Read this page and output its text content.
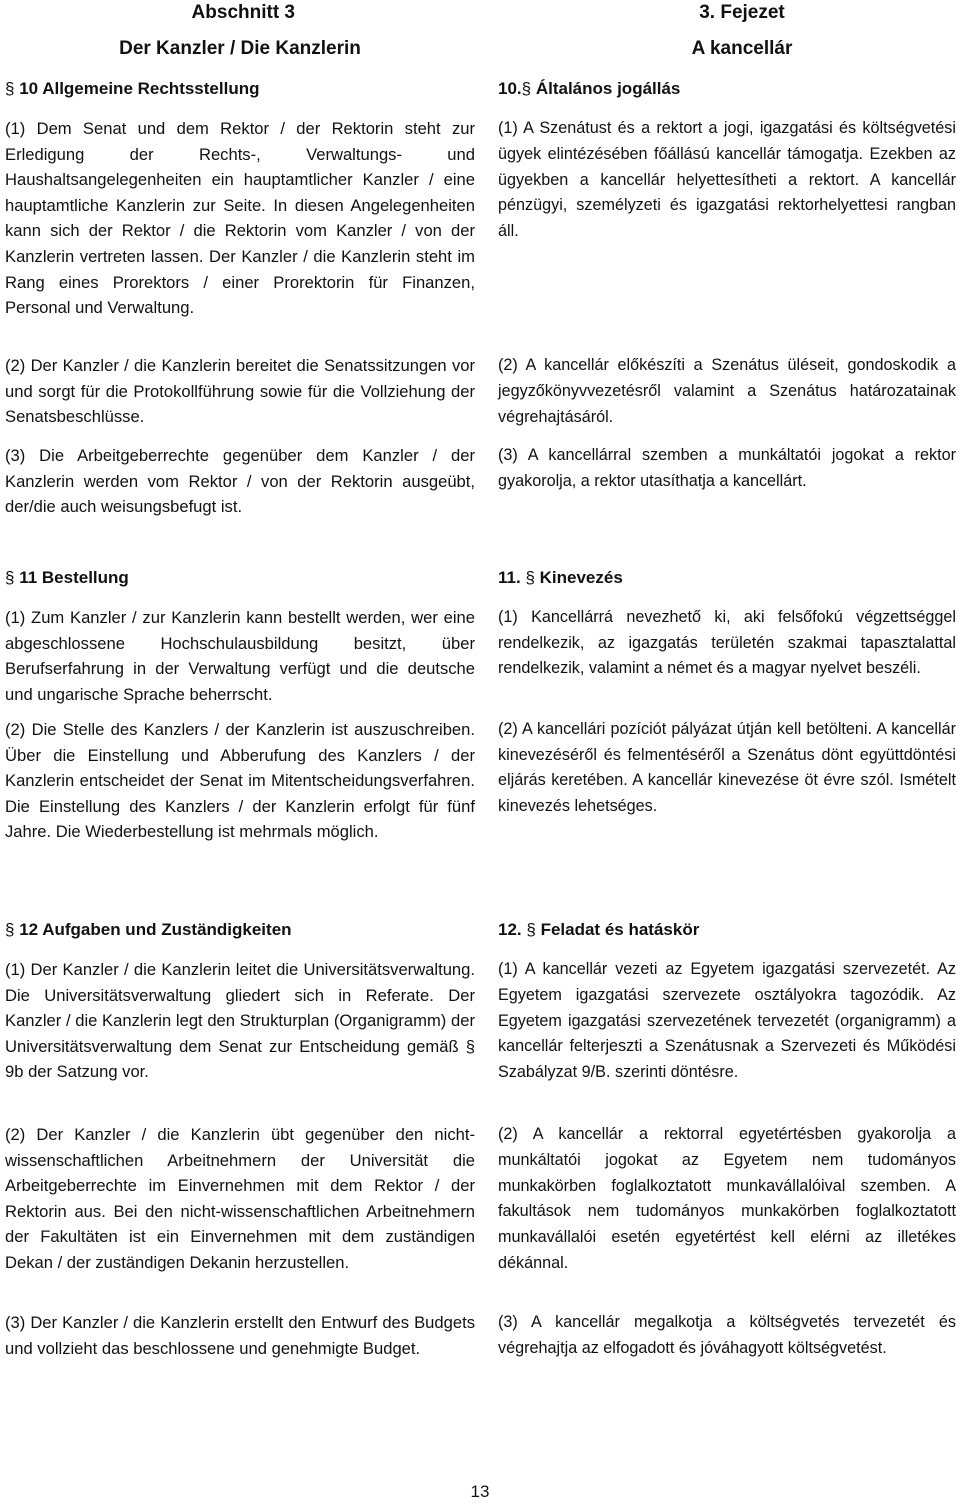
Abschnitt 3
Der Kanzler / Die Kanzlerin
§ 10 Allgemeine Rechtsstellung
(1) Dem Senat und dem Rektor / der Rektorin steht zur Erledigung der Rechts-, Verwaltungs- und Haushaltsangelegenheiten ein hauptamtlicher Kanzler / eine hauptamtliche Kanzlerin zur Seite. In diesen Angelegenheiten kann sich der Rektor / die Rektorin vom Kanzler / von der Kanzlerin vertreten lassen. Der Kanzler / die Kanzlerin steht im Rang eines Prorektors / einer Prorektorin für Finanzen, Personal und Verwaltung.
(2) Der Kanzler / die Kanzlerin bereitet die Senatssitzungen vor und sorgt für die Protokollführung sowie für die Vollziehung der Senatsbeschlüsse.
(3) Die Arbeitgeberrechte gegenüber dem Kanzler / der Kanzlerin werden vom Rektor / von der Rektorin ausgeübt, der/die auch weisungsbefugt ist.
§ 11 Bestellung
(1) Zum Kanzler / zur Kanzlerin kann bestellt werden, wer eine abgeschlossene Hochschulausbildung besitzt, über Berufserfahrung in der Verwaltung verfügt und die deutsche und ungarische Sprache beherrscht.
(2) Die Stelle des Kanzlers / der Kanzlerin ist auszuschreiben. Über die Einstellung und Abberufung des Kanzlers / der Kanzlerin entscheidet der Senat im Mitentscheidungsverfahren. Die Einstellung des Kanzlers / der Kanzlerin erfolgt für fünf Jahre. Die Wiederbestellung ist mehrmals möglich.
§ 12 Aufgaben und Zuständigkeiten
(1) Der Kanzler / die Kanzlerin leitet die Universitätsverwaltung. Die Universitätsverwaltung gliedert sich in Referate. Der Kanzler / die Kanzlerin legt den Strukturplan (Organigramm) der Universitätsverwaltung dem Senat zur Entscheidung gemäß § 9b der Satzung vor.
(2) Der Kanzler / die Kanzlerin übt gegenüber den nicht-wissenschaftlichen Arbeitnehmern der Universität die Arbeitgeberrechte im Einvernehmen mit dem Rektor / der Rektorin aus. Bei den nicht-wissenschaftlichen Arbeitnehmern der Fakultäten ist ein Einvernehmen mit dem zuständigen Dekan / der zuständigen Dekanin herzustellen.
(3) Der Kanzler / die Kanzlerin erstellt den Entwurf des Budgets und vollzieht das beschlossene und genehmigte Budget.
3. Fejezet
A kancellár
10.§ Általános jogállás
(1) A Szenátust és a rektort a jogi, igazgatási és költségvetési ügyek elintézésében főállású kancellár támogatja. Ezekben az ügyekben a kancellár helyettesítheti a rektort. A kancellár pénzügyi, személyzeti és igazgatási rektorhelyettesi rangban áll.
(2) A kancellár előkészíti a Szenátus üléseit, gondoskodik a jegyzőkönyvvezetésről valamint a Szenátus határozatainak végrehajtásáról.
(3) A kancellárral szemben a munkáltatói jogokat a rektor gyakorolja, a rektor utasíthatja a kancellárt.
11. § Kinevezés
(1) Kancellárrá nevezhető ki, aki felsőfokú végzettséggel rendelkezik, az igazgatás területén szakmai tapasztalattal rendelkezik, valamint a német és a magyar nyelvet beszéli.
(2) A kancellári pozíciót pályázat útján kell betölteni. A kancellár kinevezéséről és felmentéséről a Szenátus dönt együttdöntési eljárás keretében. A kancellár kinevezése öt évre szól. Ismételt kinevezés lehetséges.
12. § Feladat és hatáskör
(1) A kancellár vezeti az Egyetem igazgatási szervezetét. Az Egyetem igazgatási szervezete osztályokra tagozódik. Az Egyetem igazgatási szervezetének tervezetét (organigramm) a kancellár felterjeszti a Szenátusnak a Szervezeti és Működési Szabályzat 9/B. szerinti döntésre.
(2) A kancellár a rektorral egyetértésben gyakorolja a munkáltatói jogokat az Egyetem nem tudományos munkakörben foglalkoztatott munkavállalóival szemben. A fakultások nem tudományos munkakörben foglalkoztatott munkavállalói esetén egyetértést kell elérni az illetékes dékánnal.
(3) A kancellár megalkotja a költségvetés tervezetét és végrehajtja az elfogadott és jóváhagyott költségvetést.
13
